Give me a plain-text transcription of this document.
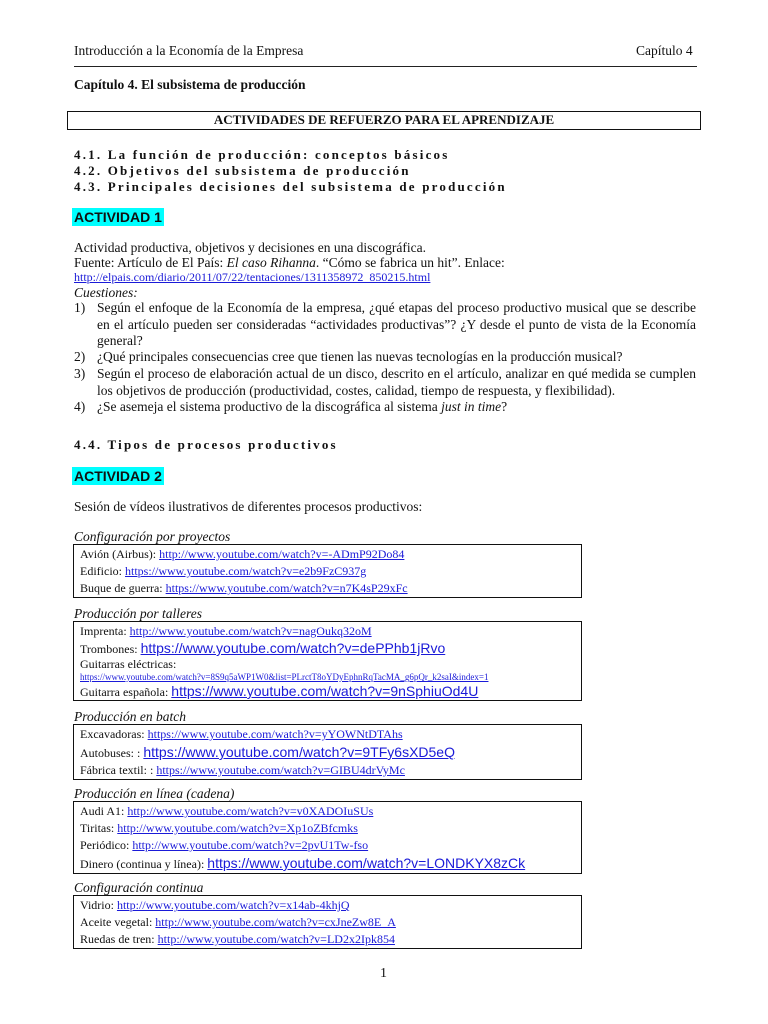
Introducción a la Economía de la Empresa	Capítulo 4
Capítulo 4. El subsistema de producción
ACTIVIDADES DE REFUERZO PARA EL APRENDIZAJE
4.1. La función de producción: conceptos básicos
4.2. Objetivos del subsistema de producción
4.3. Principales decisiones del subsistema de producción
ACTIVIDAD 1
Actividad productiva, objetivos y decisiones en una discográfica.
Fuente: Artículo de El País: El caso Rihanna. “Cómo se fabrica un hit”. Enlace:
http://elpais.com/diario/2011/07/22/tentaciones/1311358972_850215.html
Cuestiones:
1) Según el enfoque de la Economía de la empresa, ¿qué etapas del proceso productivo musical que se describe en el artículo pueden ser consideradas “actividades productivas”? ¿Y desde el punto de vista de la Economía general?
2) ¿Qué principales consecuencias cree que tienen las nuevas tecnologías en la producción musical?
3) Según el proceso de elaboración actual de un disco, descrito en el artículo, analizar en qué medida se cumplen los objetivos de producción (productividad, costes, calidad, tiempo de respuesta, y flexibilidad).
4) ¿Se asemeja el sistema productivo de la discográfica al sistema just in time?
4.4. Tipos de procesos productivos
ACTIVIDAD 2
Sesión de vídeos ilustrativos de diferentes procesos productivos:
Configuración por proyectos
Avión (Airbus): http://www.youtube.com/watch?v=-ADmP92Do84
Edificio: https://www.youtube.com/watch?v=e2b9FzC937g
Buque de guerra: https://www.youtube.com/watch?v=n7K4sP29xFc
Producción por talleres
Imprenta: http://www.youtube.com/watch?v=nagOukq32oM
Trombones: https://www.youtube.com/watch?v=dePPhb1jRvo
Guitarras eléctricas:
https://www.youtube.com/watch?v=8S9q5aWP1W0&list=PLrctT8oYDyEphnRqTacMA_g6pQr_k2saI&index=1
Guitarra española: https://www.youtube.com/watch?v=9nSphiuOd4U
Producción en batch
Excavadoras: https://www.youtube.com/watch?v=yYOWNtDTAhs
Autobuses: : https://www.youtube.com/watch?v=9TFy6sXD5eQ
Fábrica textil: : https://www.youtube.com/watch?v=GIBU4drVyMc
Producción en línea (cadena)
Audi A1: http://www.youtube.com/watch?v=v0XADOIuSUs
Tiritas: http://www.youtube.com/watch?v=Xp1oZBfcmks
Periódico: http://www.youtube.com/watch?v=2pvU1Tw-fso
Dinero (continua y línea): https://www.youtube.com/watch?v=LONDKYX8zCk
Configuración continua
Vidrio: http://www.youtube.com/watch?v=x14ab-4khjQ
Aceite vegetal: http://www.youtube.com/watch?v=cxJneZw8E_A
Ruedas de tren: http://www.youtube.com/watch?v=LD2x2Ipk854
1
